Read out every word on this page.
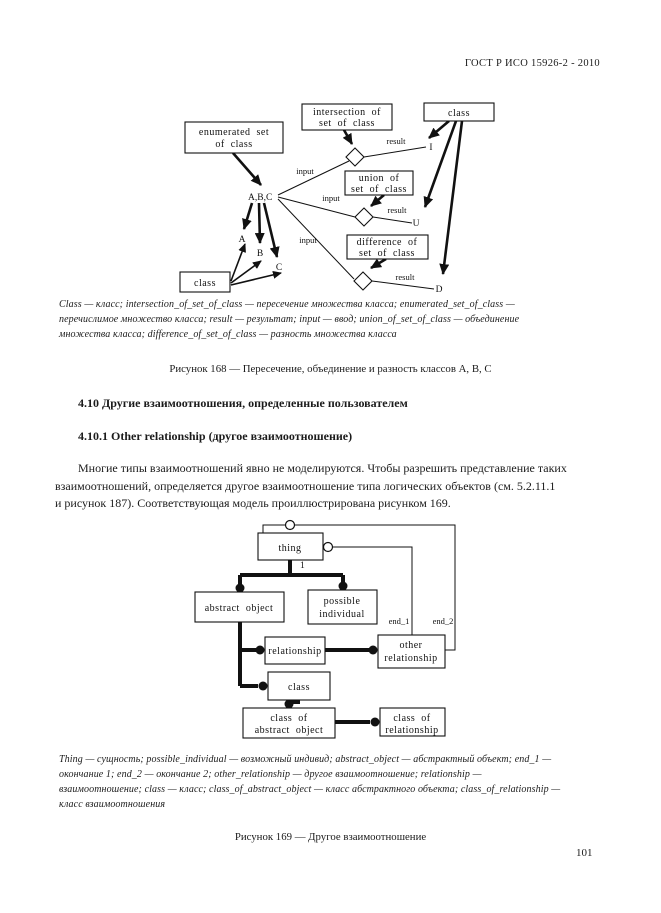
ГОСТ Р ИСО 15926-2 - 2010
enumerated set
of class
intersection of
set of class
class
union of
set of class
difference of
set of class
class
A,B,C
A
B
C
I
U
D
result
result
result
input
input
input
Class — класс; intersection_of_set_of_class — пересечение множества класса; enumerated_set_of_class —
перечислимое множество класса; result — результат; input — ввод; union_of_set_of_class — объединение
множества класса; difference_of_set_of_class — разность множества класса
Рисунок 168 — Пересечение, объединение и разность классов А, В, С
4.10 Другие взаимоотношения, определенные пользователем
4.10.1 Other relationship (другое взаимоотношение)
Многие типы взаимоотношений явно не моделируются. Чтобы разрешить представление таких
взаимоотношений, определяется другое взаимоотношение типа логических объектов (см. 5.2.11.1
и рисунок 187). Соответствующая модель проиллюстрирована рисунком 169.
end_1	end_2
1
thing
abstract object
possible
individual
relationship
other
relationship
class
class of
abstract object
class of
relationship
Thing — сущность; possible_individual — возможный индивид; abstract_object — абстрактный объект; end_1 —
окончание 1; end_2 — окончание 2; other_relationship — другое взаимоотношение; relationship —
взаимоотношение; class — класс; class_of_abstract_object — класс абстрактного объекта; class_of_relationship —
класс взаимоотношения
Рисунок 169 — Другое взаимоотношение
101
